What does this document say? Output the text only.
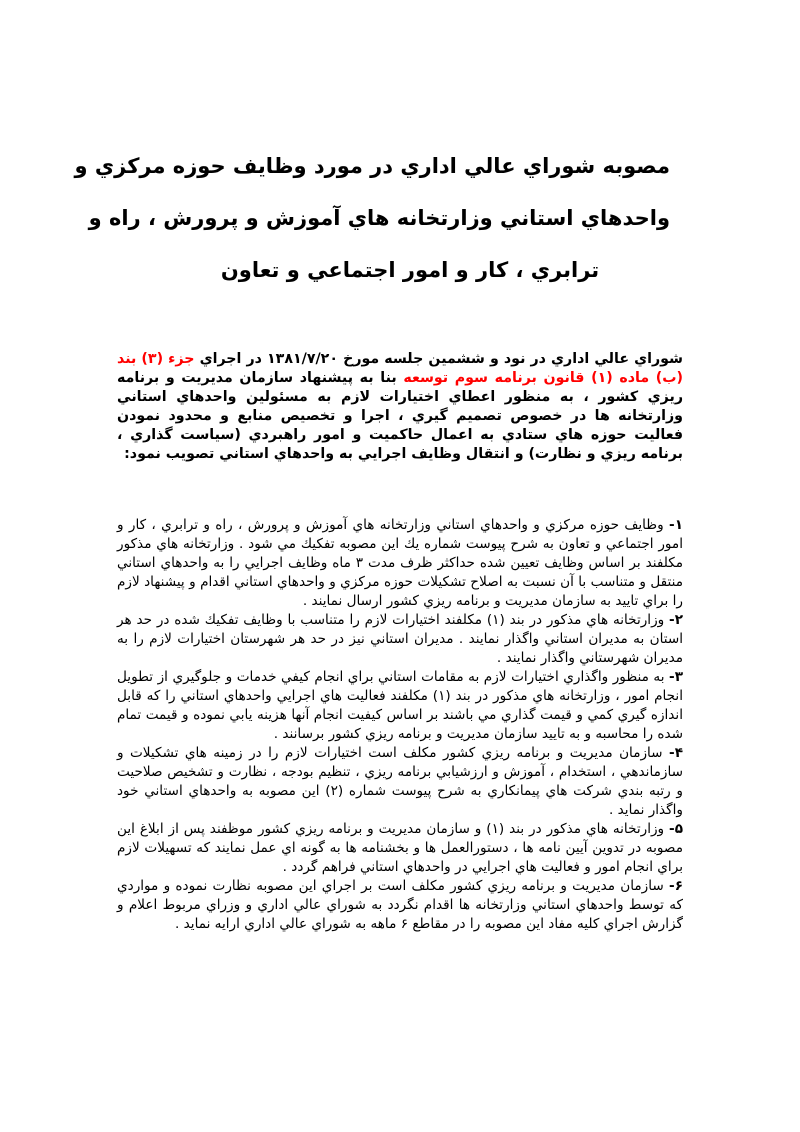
مصوبه شوراي عالي اداري در مورد وظايف حوزه مركزي و
واحدهاي استاني وزارتخانه هاي آموزش و پرورش ، راه و
ترابري ، كار و امور اجتماعي و تعاون
شوراي عالي اداري در نود و ششمين جلسه مورخ ۱۳۸۱/۷/۲۰ در اجراي جزء (۳) بند (ب) ماده (۱) قانون برنامه سوم توسعه بنا به پيشنهاد سازمان مديريت و برنامه ريزي كشور ، به منظور اعطاي اختيارات لازم به مسئولين واحدهاي استاني وزارتخانه ها در خصوص تصميم گيري ، اجرا و تخصيص منابع و محدود نمودن فعاليت حوزه هاي ستادي به اعمال حاكميت و امور راهبردي (سياست گذاري ، برنامه ريزي و نظارت) و انتقال وظايف اجرايي به واحدهاي استاني تصويب نمود:

۱- وظايف حوزه مركزي و واحدهاي استاني وزارتخانه هاي آموزش و پرورش ، راه و ترابري ، كار و امور اجتماعي و تعاون به شرح پيوست شماره يك اين مصوبه تفكيك مي شود . وزارتخانه هاي مذكور مكلفند بر اساس وظايف تعيين شده حداكثر ظرف مدت ۳ ماه وظايف اجرايي را به واحدهاي استاني منتقل و متناسب با آن نسبت به اصلاح تشكيلات حوزه مركزي و واحدهاي استاني اقدام و پيشنهاد لازم را براي تاييد به سازمان مديريت و برنامه ريزي كشور ارسال نمايند .

۲- وزارتخانه هاي مذكور در بند (۱) مكلفند اختيارات لازم را متناسب با وظايف تفكيك شده در حد هر استان به مديران استاني واگذار نمايند . مديران استاني نيز در حد هر شهرستان اختيارات لازم را به مديران شهرستاني واگذار نمايند .

۳- به منظور واگذاري اختيارات لازم به مقامات استاني براي انجام كيفي خدمات و جلوگيري از تطويل انجام امور ، وزارتخانه هاي مذكور در بند (۱) مكلفند فعاليت هاي اجرايي واحدهاي استاني را كه قابل اندازه گيري كمي و قيمت گذاري مي باشند بر اساس كيفيت انجام آنها هزينه يابي نموده و قيمت تمام شده را محاسبه و به تاييد سازمان مديريت و برنامه ريزي كشور برسانند .

۴- سازمان مديريت و برنامه ريزي كشور مكلف است اختيارات لازم را در زمينه هاي تشكيلات و سازماندهي ، استخدام ، آموزش و ارزشيابي برنامه ريزي ، تنظيم بودجه ، نظارت و تشخيص صلاحيت و رتبه بندي شركت هاي پيمانكاري به شرح پيوست شماره (۲) اين مصوبه به واحدهاي استاني خود واگذار نمايد .

۵- وزارتخانه هاي مذكور در بند (۱) و سازمان مديريت و برنامه ريزي كشور موظفند پس از ابلاغ اين مصوبه در تدوين آيين نامه ها ، دستورالعمل ها و بخشنامه ها به گونه اي عمل نمايند كه تسهيلات لازم براي انجام امور و فعاليت هاي اجرايي در واحدهاي استاني فراهم گردد .

۶- سازمان مديريت و برنامه ريزي كشور مكلف است بر اجراي اين مصوبه نظارت نموده و مواردي كه توسط واحدهاي استاني وزارتخانه ها اقدام نگردد به شوراي عالي اداري و وزراي مربوط اعلام و گزارش اجراي كليه مفاد اين مصوبه را در مقاطع ۶ ماهه به شوراي عالي اداري ارايه نمايد .
